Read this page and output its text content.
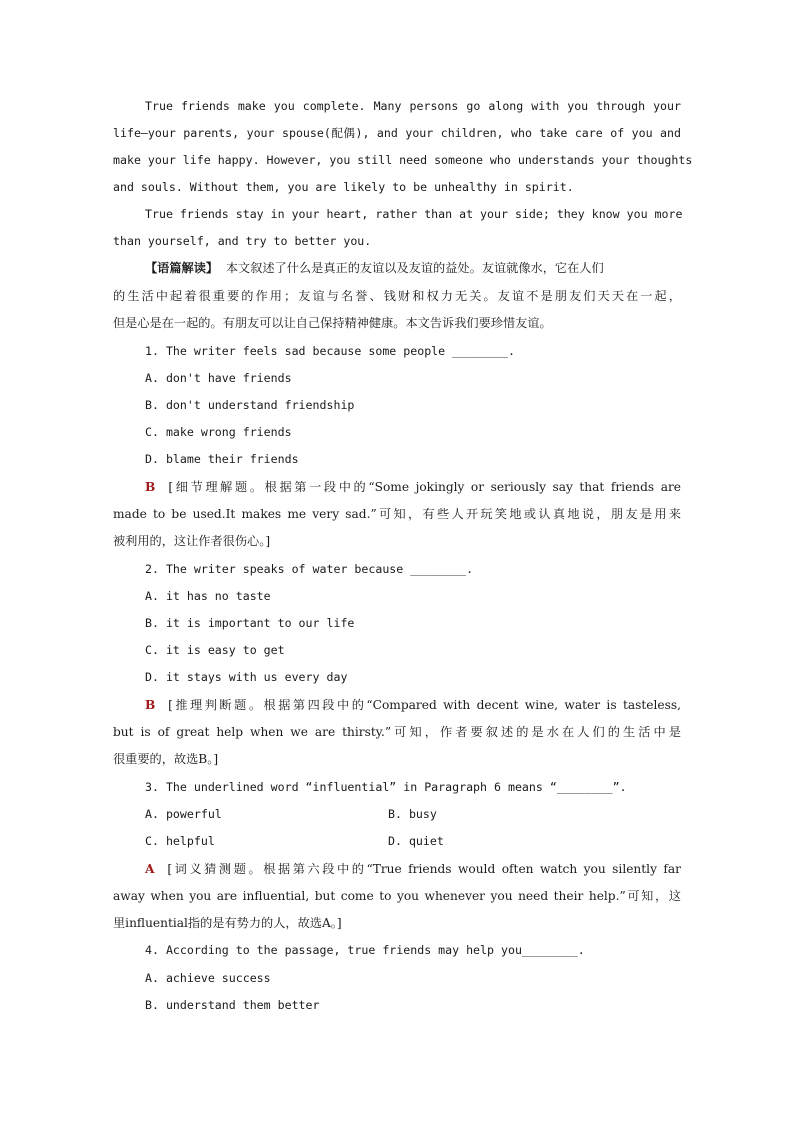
True friends make you complete. Many persons go along with you through your
life—your parents, your spouse(配偶), and your children, who take care of you and
make your life happy. However, you still need someone who understands your thoughts
and souls. Without them, you are likely to be unhealthy in spirit.
True friends stay in your heart, rather than at your side; they know you more
than yourself, and try to better you.
【语篇解读】 本文叙述了什么是真正的友谊以及友谊的益处。友谊就像水，它在人们
的生活中起着很重要的作用；友谊与名誉、钱财和权力无关。友谊不是朋友们天天在一起，
但是心是在一起的。有朋友可以让自己保持精神健康。本文告诉我们要珍惜友谊。
1. The writer feels sad because some people ________.
A. don't have friends
B. don't understand friendship
C. make wrong friends
D. blame their friends
B [细节理解题。根据第一段中的“Some jokingly or seriously say that friends are
made to be used.It makes me very sad.”可知，有些人开玩笑地或认真地说，朋友是用来
被利用的，这让作者很伤心。]
2. The writer speaks of water because ________.
A. it has no taste
B. it is important to our life
C. it is easy to get
D. it stays with us every day
B [推理判断题。根据第四段中的“Compared with decent wine, water is tasteless,
but is of great help when we are thirsty.”可知，作者要叙述的是水在人们的生活中是
很重要的，故选B。]
3. The underlined word “influential” in Paragraph 6 means “________”.
A. powerful	B. busy
C. helpful	D. quiet
A [词义猜测题。根据第六段中的“True friends would often watch you silently far
away when you are influential, but come to you whenever you need their help.”可知，这
里influential指的是有势力的人，故选A。]
4. According to the passage, true friends may help you________.
A. achieve success
B. understand them better
